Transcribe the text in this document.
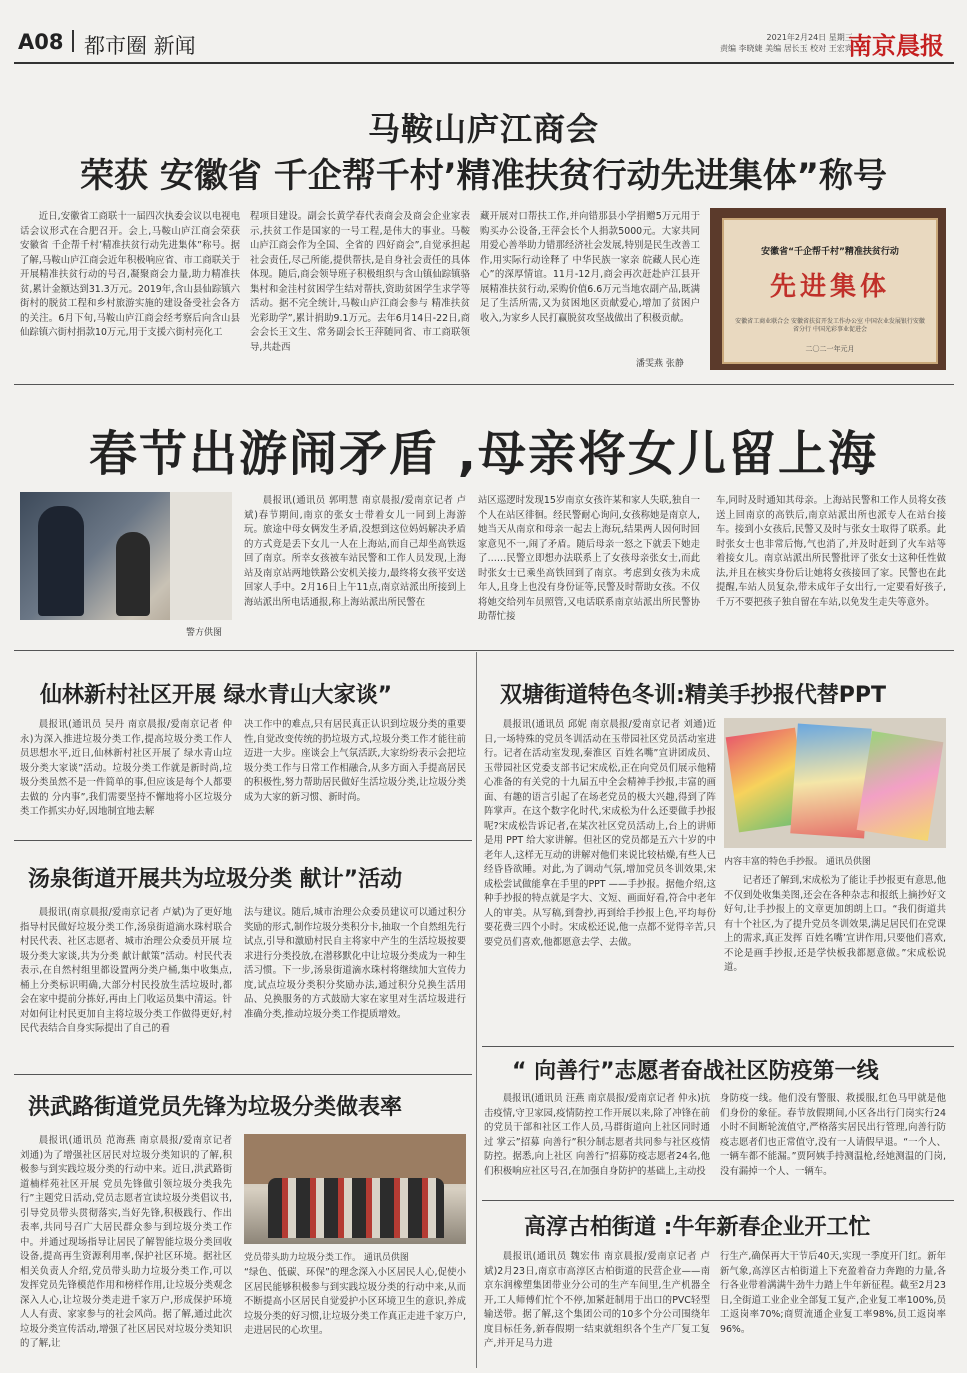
A08 都市圈 新闻	2021年2月24日 星期三
责编 李晓婕 美编 居长玉 校对 王宏宾
南京晨报
马鞍山庐江商会
荣获 安徽省 千企帮千村’精准扶贫行动先进集体”称号

近日,安徽省工商联十一届四次执委会议以电视电话会议形式在合肥召开。会上,马鞍山庐江商会荣获 安徽省 千企帮千村’精准扶贫行动先进集体”称号。据了解,马鞍山庐江商会近年积极响应省、市工商联关于开展精准扶贫行动的号召,凝聚商会力量,助力精准扶贫,累计金额达到31.3万元。2019年,含山县仙踪镇六街村的脱贫工程和乡村旅游实施的建设备受社会各方的关注。6月下旬,马鞍山庐江商会经考察后向含山县仙踪镇六街村捐款10万元,用于支援六街村亮化工

程项目建设。副会长黄学春代表商会及商会企业家表示,扶贫工作是国家的一号工程,是伟大的事业。马鞍山庐江商会作为全国、全省的 四好商会”,自觉承担起社会责任,尽己所能,提供帮扶,是自身社会责任的具体体现。随后,商会领导班子积极组织与含山镇仙踪镇骆集村和金洼村贫困学生结对帮扶,资助贫困学生求学等活动。据不完全统计,马鞍山庐江商会参与 精准扶贫 光彩助学”,累计捐助9.1万元。去年6月14日-22日,商会会长王文生、常务副会长王萍随同省、市工商联领导,共赴西

藏开展对口帮扶工作,并向错那县小学捐赠5万元用于购买办公设备,王萍会长个人捐款5000元。大家共同用爱心善举助力错那经济社会发展,特别是民生改善工作,用实际行动诠释了 中华民族一家亲 皖藏人民心连心”的深厚情谊。11月-12月,商会再次赶赴庐江县开展精准扶贫行动,采购价值6.6万元当地农副产品,既满足了生活所需,又为贫困地区贡献爱心,增加了贫困户收入,为家乡人民打赢脱贫攻坚战做出了积极贡献。

潘雯燕 张静
安徽省“千企帮千村”精准扶贫行动
先进集体
安徽省工商业联合会 安徽省扶贫开发工作办公室 中国农业发展银行安徽省分行 中国光彩事业促进会
二〇二一年元月
春节出游闹矛盾 ,母亲将女儿留上海
警方供图

晨报讯(通讯员 郭明慧 南京晨报/爱南京记者 卢斌)春节期间,南京的张女士带着女儿一同到上海游玩。旅途中母女俩发生矛盾,没想到这位妈妈解决矛盾的方式竟是丢下女儿一人在上海站,而自己却坐高铁返回了南京。所幸女孩被车站民警和工作人员发现,上海站及南京站两地铁路公安机关接力,最终将女孩平安送回家人手中。2月16日上午11点,南京站派出所接到上海站派出所电话通报,称上海站派出所民警在

站区巡逻时发现15岁南京女孩许某和家人失联,独自一个人在站区徘徊。经民警耐心询问,女孩称她是南京人,她当天从南京和母亲一起去上海玩,结果两人因何时回家意见不一,闹了矛盾。随后母亲一怒之下就丢下她走了……民警立即想办法联系上了女孩母亲张女士,而此时张女士已乘坐高铁回到了南京。考虑到女孩为未成年人,且身上也没有身份证等,民警及时帮助女孩。不仅将她交给列车员照管,又电话联系南京站派出所民警协助帮忙接

车,同时及时通知其母亲。上海站民警和工作人员将女孩送上回南京的高铁后,南京站派出所也派专人在站台接车。接到小女孩后,民警又及时与张女士取得了联系。此时张女士也非常后悔,气也消了,并及时赶到了火车站等着接女儿。南京站派出所民警批评了张女士这种任性做法,并且在核实身份后让她将女孩接回了家。民警也在此提醒,车站人员复杂,带未成年子女出行,一定要看好孩子,千万不要把孩子独自留在车站,以免发生走失等意外。

仙林新村社区开展 绿水青山大家谈”

晨报讯(通讯员 吴丹 南京晨报/爱南京记者 仲永)为深入推进垃圾分类工作,提高垃圾分类工作人员思想水平,近日,仙林新村社区开展了 绿水青山垃圾分类大家谈”活动。垃圾分类工作就是新时尚,垃圾分类虽然不是一件简单的事,但应该是每个人都要去做的 分内事”,我们需要坚持不懈地将小区垃圾分类工作抓实办好,因地制宜地去解

决工作中的难点,只有居民真正认识到垃圾分类的重要性,自觉改变传统的扔垃圾方式,垃圾分类工作才能往前迈进一大步。座谈会上气氛活跃,大家纷纷表示会把垃圾分类工作与日常工作相融合,从多方面入手提高居民的积极性,努力帮助居民做好生活垃圾分类,让垃圾分类成为大家的新习惯、新时尚。

汤泉街道开展共为垃圾分类 献计”活动

晨报讯(南京晨报/爱南京记者 卢斌)为了更好地指导村民做好垃圾分类工作,汤泉街道滴水珠村联合村民代表、社区志愿者、城市治理公众委员开展 垃圾分类大家谈,共为分类 献计献策”活动。村民代表表示,在自然村组里都设置两分类户桶,集中收集点,桶上分类标识明确,大部分村民投放生活垃圾时,都会在家中提前分拣好,再由上门收运员集中清运。针对如何让村民更加自主将垃圾分类工作做得更好,村民代表结合自身实际提出了自己的看

法与建议。随后,城市治理公众委员建议可以通过积分奖励的形式,制作垃圾分类积分卡,抽取一个自然组先行试点,引导和激励村民自主将家中产生的生活垃圾按要求进行分类投放,在潜移默化中让垃圾分类成为一种生活习惯。下一步,汤泉街道滴水珠村将继续加大宣传力度,试点垃圾分类积分奖励办法,通过积分兑换生活用品、兑换服务的方式鼓励大家在家里对生活垃圾进行准确分类,推动垃圾分类工作提质增效。

洪武路街道党员先锋为垃圾分类做表率

晨报讯(通讯员 范海燕 南京晨报/爱南京记者 刘通)为了增强社区居民对垃圾分类知识的了解,积极参与到实践垃圾分类的行动中来。近日,洪武路街道楠样苑社区开展 党员先锋做引领垃圾分类我先行”主题党日活动,党员志愿者宣读垃圾分类倡议书,引导党员带头贯彻落实,当好先锋,积极践行、作出表率,共同号召广大居民群众参与到垃圾分类工作中。并通过现场指导让居民了解智能垃圾分类回收设备,提高再生资源利用率,保护社区环境。据社区相关负责人介绍,党员带头助力垃圾分类工作,可以发挥党员先锋模范作用和榜样作用,让垃圾分类观念深入人心,让垃圾分类走进千家万户,形成保护环境人人有责、家家参与的社会风尚。据了解,通过此次垃圾分类宣传活动,增强了社区居民对垃圾分类知识的了解,让

党员带头助力垃圾分类工作。 通讯员供图

“绿色、低碳、环保”的理念深入小区居民人心,促使小区居民能够积极参与到实践垃圾分类的行动中来,从而不断提高小区居民自觉爱护小区环境卫生的意识,养成垃圾分类的好习惯,让垃圾分类工作真正走进千家万户,走进居民的心坎里。

双塘街道特色冬训:精美手抄报代替PPT

晨报讯(通讯员 邱妮 南京晨报/爱南京记者 刘通)近日,一场特殊的党员冬训活动在玉带园社区党员活动室进行。记者在活动室发现,秦淮区 百姓名嘴”宣讲团成员、玉带园社区党委支部书记宋成松,正在向党员们展示他精心准备的有关党的十九届五中全会精神手抄报,丰富的画面、有趣的语言引起了在场老党员的极大兴趣,得到了阵阵掌声。在这个数字化时代,宋成松为什么还要做手抄报呢?宋成松告诉记者,在某次社区党员活动上,台上的讲师是用 PPT 给大家讲解。但社区的党员都是五六十岁的中老年人,这样无互动的讲解对他们来说比较枯燥,有些人已经昏昏欲睡。对此,为了调动气氛,增加党员冬训效果,宋成松尝试做能拿在手里的PPT ——手抄报。据他介绍,这种手抄报的特点就是字大、文短、画面好看,符合中老年人的审美。从写稿,到誊抄,再到给手抄报上色,平均每份要花费三四个小时。宋成松还说,他一点都不觉得辛苦,只要党员们喜欢,他都愿意去学、去做。

内容丰富的特色手抄报。 通讯员供图

记者还了解到,宋成松为了能让手抄报更有意思,他不仅到处收集美图,还会在各种杂志和报纸上摘抄好文好句,让手抄报上的文章更加朗朗上口。“我们街道共有十个社区,为了提升党员冬训效果,满足居民们在党课上的需求,真正发挥 百姓名嘴’宣讲作用,只要他们喜欢,不论是画手抄报,还是学快板我都愿意做。”宋成松说道。

“ 向善行”志愿者奋战社区防疫第一线

晨报讯(通讯员 汪燕 南京晨报/爱南京记者 仲永)抗击疫情,守卫家园,疫情防控工作开展以来,除了冲锋在前的党员干部和社区工作人员,马群街道向上社区同时通过 掌云”招募 向善行”积分制志愿者共同参与社区疫情防控。据悉,向上社区 向善行”招募防疫志愿者24名,他们积极响应社区号召,在加强自身防护的基础上,主动投

身防疫一线。他们没有警服、救援服,红色马甲就是他们身份的象征。春节放假期间,小区各出行门岗实行24小时不间断轮流值守,严格落实居民出行管理,向善行防疫志愿者们也正常值守,没有一人请假早退。“一个人、一辆车都不能漏。”贾阿姨手持测温枪,经她测温的门岗,没有漏掉一个人、一辆车。

高淳古柏街道 :牛年新春企业开工忙

晨报讯(通讯员 魏宏伟 南京晨报/爱南京记者 卢斌)2月23日,南京市高淳区古柏街道的民营企业——南京东润橡塑集团带业分公司的生产车间里,生产机器全开,工人师傅们忙个不停,加紧赶制用于出口的PVC轻型输送带。据了解,这个集团公司的10多个分公司围绕年度目标任务,新春假期一结束就组织各个生产厂复工复产,并开足马力进

行生产,确保再大干节后40天,实现一季度开门红。新年新气象,高淳区古柏街道上下充盈着奋力奔跑的力量,各行各业带着满满牛劲牛力踏上牛年新征程。截至2月23日,全街道工业企业全部复工复产,企业复工率100%,员工返岗率70%;商贸流通企业复工率98%,员工返岗率96%。
